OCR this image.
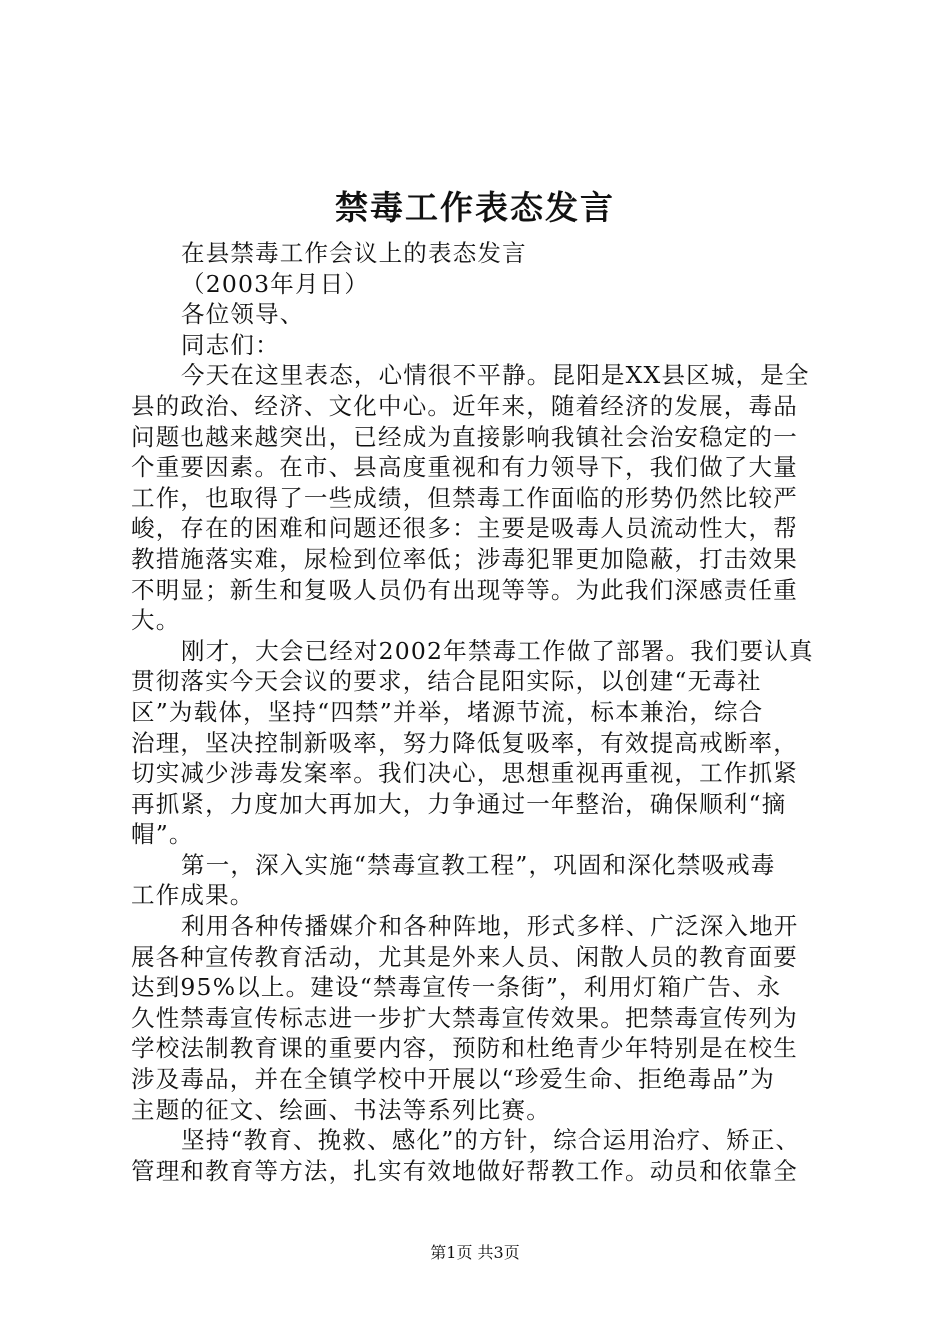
禁毒工作表态发言

在县禁毒工作会议上的表态发言

（2003年月日）

各位领导、

同志们：

今天在这里表态，心情很不平静。昆阳是XX县区城，是全

县的政治、经济、文化中心。近年来，随着经济的发展，毒品

问题也越来越突出，已经成为直接影响我镇社会治安稳定的一

个重要因素。在市、县高度重视和有力领导下，我们做了大量

工作，也取得了一些成绩，但禁毒工作面临的形势仍然比较严

峻，存在的困难和问题还很多：主要是吸毒人员流动性大，帮

教措施落实难，尿检到位率低；涉毒犯罪更加隐蔽，打击效果

不明显；新生和复吸人员仍有出现等等。为此我们深感责任重

大。

刚才，大会已经对2002年禁毒工作做了部署。我们要认真

贯彻落实今天会议的要求，结合昆阳实际，以创建“无毒社

区”为载体，坚持“四禁”并举，堵源节流，标本兼治，综合

治理，坚决控制新吸率，努力降低复吸率，有效提高戒断率，

切实减少涉毒发案率。我们决心，思想重视再重视，工作抓紧

再抓紧，力度加大再加大，力争通过一年整治，确保顺利“摘

帽”。

第一，深入实施“禁毒宣教工程”，巩固和深化禁吸戒毒

工作成果。

利用各种传播媒介和各种阵地，形式多样、广泛深入地开

展各种宣传教育活动，尤其是外来人员、闲散人员的教育面要

达到95%以上。建设“禁毒宣传一条街”，利用灯箱广告、永

久性禁毒宣传标志进一步扩大禁毒宣传效果。把禁毒宣传列为

学校法制教育课的重要内容，预防和杜绝青少年特别是在校生

涉及毒品，并在全镇学校中开展以“珍爱生命、拒绝毒品”为

主题的征文、绘画、书法等系列比赛。

坚持“教育、挽救、感化”的方针，综合运用治疗、矫正、

管理和教育等方法，扎实有效地做好帮教工作。动员和依靠全

第1页 共3页
